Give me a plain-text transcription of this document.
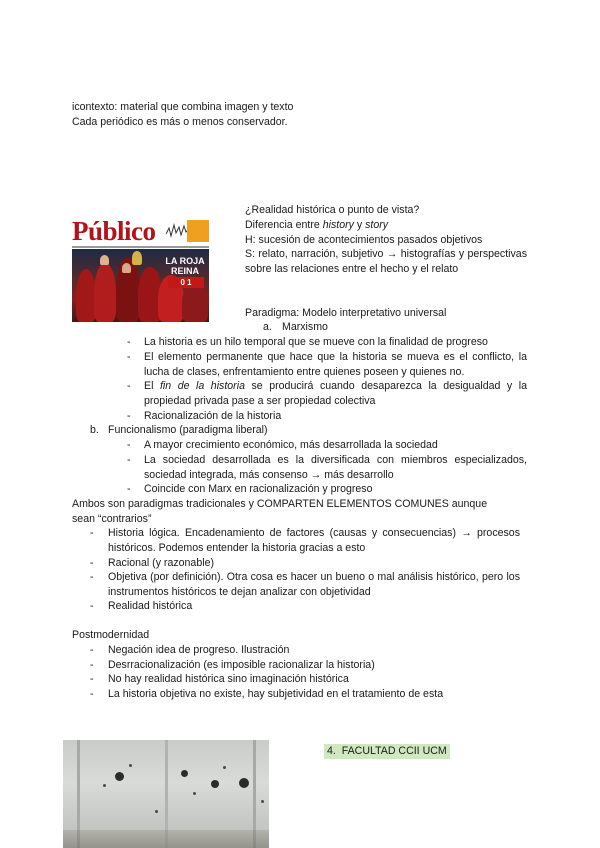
icontexto: material que combina imagen y texto
Cada periódico es más o menos conservador.
Público
LA ROJA REINA
0 1
¿Realidad histórica o punto de vista?
Diferencia entre history y story
H: sucesión de acontecimientos pasados objetivos
S: relato, narración, subjetivo → histografías y perspectivas sobre las relaciones entre el hecho y el relato
Paradigma: Modelo interpretativo universal
a. Marxismo
- La historia es un hilo temporal que se mueve con la finalidad de progreso
- El elemento permanente que hace que la historia se mueva es el conflicto, la lucha de clases, enfrentamiento entre quienes poseen y quienes no.
- El fin de la historia se producirá cuando desaparezca la desigualdad y la propiedad privada pase a ser propiedad colectiva
- Racionalización de la historia
b. Funcionalismo (paradigma liberal)
- A mayor crecimiento económico, más desarrollada la sociedad
- La sociedad desarrollada es la diversificada con miembros especializados, sociedad integrada, más consenso → más desarrollo
- Coincide con Marx en racionalización y progreso
Ambos son paradigmas tradicionales y COMPARTEN ELEMENTOS COMUNES aunque
sean “contrarios”
- Historia lógica. Encadenamiento de factores (causas y consecuencias) → procesos históricos. Podemos entender la historia gracias a esto
- Racional (y razonable)
- Objetiva (por definición). Otra cosa es hacer un bueno o mal análisis histórico, pero los instrumentos históricos te dejan analizar con objetividad
- Realidad histórica
Postmodernidad
- Negación idea de progreso. Ilustración
- Desrracionalización (es imposible racionalizar la historia)
- No hay realidad histórica sino imaginación histórica
- La historia objetiva no existe, hay subjetividad en el tratamiento de esta
4. FACULTAD CCII UCM
